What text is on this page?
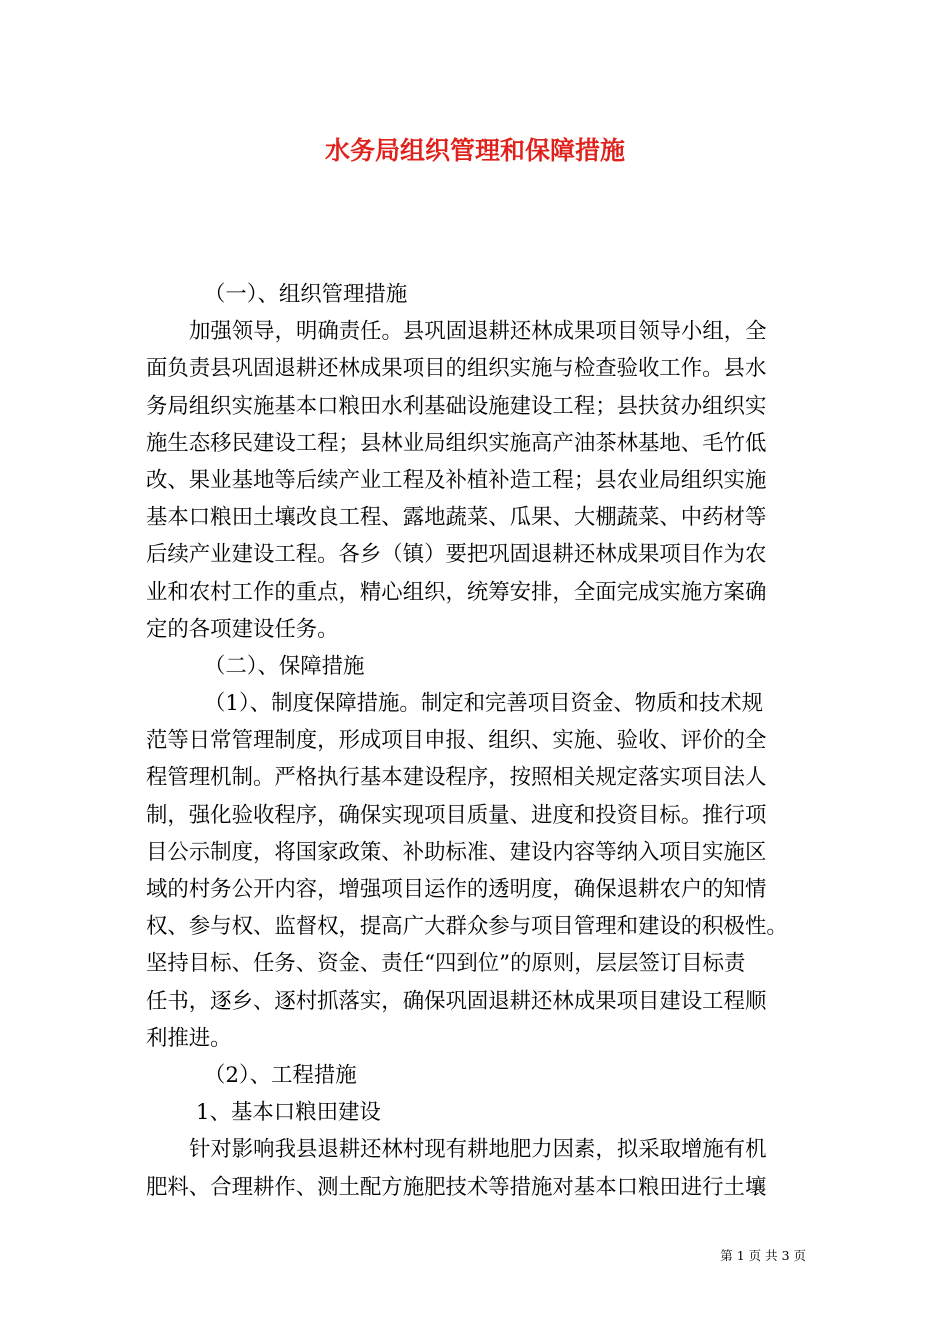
水务局组织管理和保障措施
（一）、组织管理措施
加强领导，明确责任。县巩固退耕还林成果项目领导小组，全
面负责县巩固退耕还林成果项目的组织实施与检查验收工作。县水
务局组织实施基本口粮田水利基础设施建设工程；县扶贫办组织实
施生态移民建设工程；县林业局组织实施高产油茶林基地、毛竹低
改、果业基地等后续产业工程及补植补造工程；县农业局组织实施
基本口粮田土壤改良工程、露地蔬菜、瓜果、大棚蔬菜、中药材等
后续产业建设工程。各乡（镇）要把巩固退耕还林成果项目作为农
业和农村工作的重点，精心组织，统筹安排，全面完成实施方案确
定的各项建设任务。
（二）、保障措施
（1）、制度保障措施。制定和完善项目资金、物质和技术规
范等日常管理制度，形成项目申报、组织、实施、验收、评价的全
程管理机制。严格执行基本建设程序，按照相关规定落实项目法人
制，强化验收程序，确保实现项目质量、进度和投资目标。推行项
目公示制度，将国家政策、补助标准、建设内容等纳入项目实施区
域的村务公开内容，增强项目运作的透明度，确保退耕农户的知情
权、参与权、监督权，提高广大群众参与项目管理和建设的积极性。
坚持目标、任务、资金、责任“四到位”的原则，层层签订目标责
任书，逐乡、逐村抓落实，确保巩固退耕还林成果项目建设工程顺
利推进。
（2）、工程措施
1、基本口粮田建设
针对影响我县退耕还林村现有耕地肥力因素，拟采取增施有机
肥料、合理耕作、测土配方施肥技术等措施对基本口粮田进行土壤
第 1 页 共 3 页
